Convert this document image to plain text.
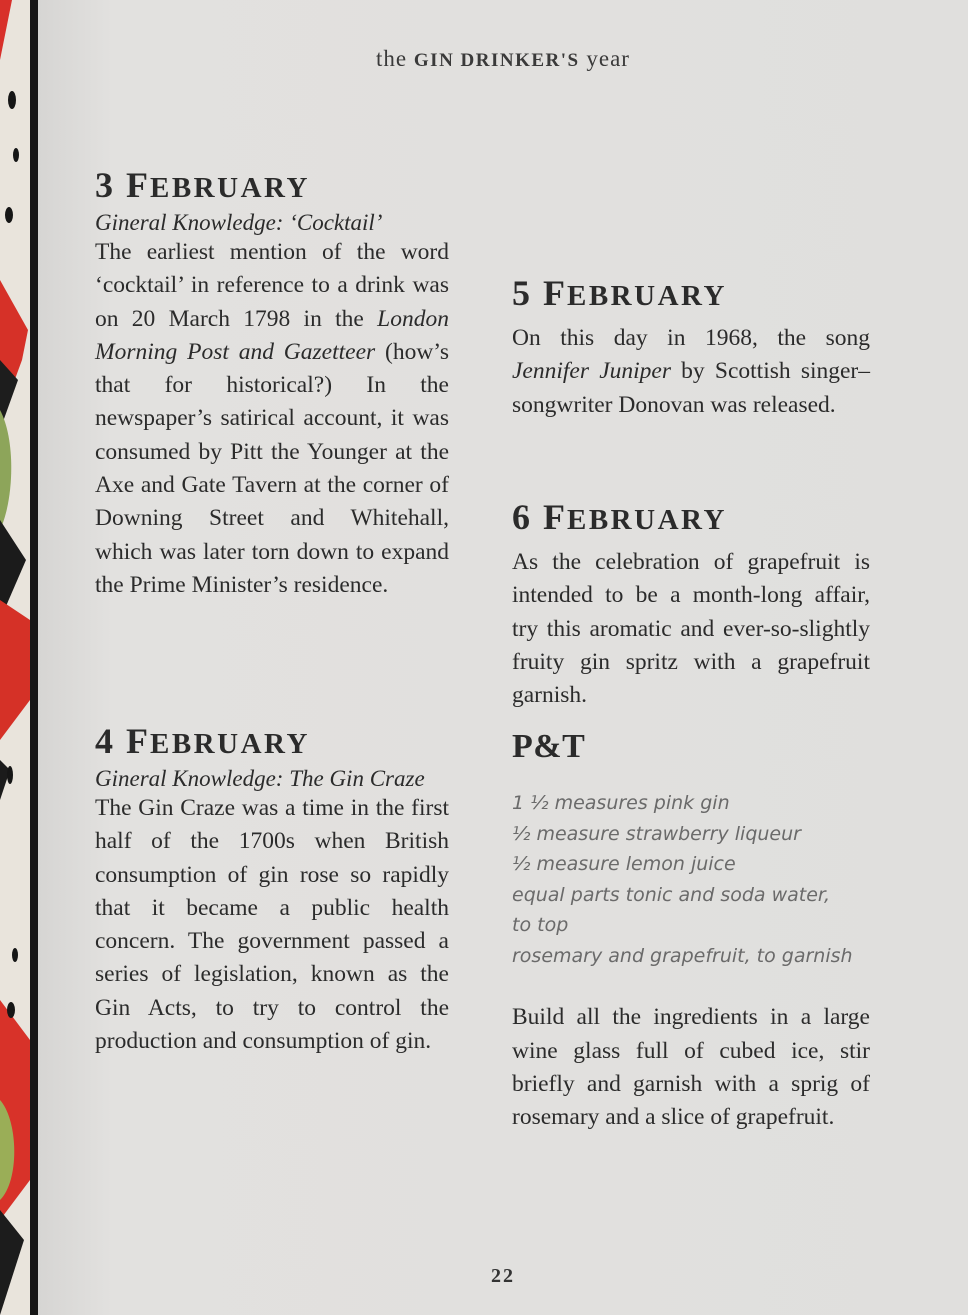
the GIN DRINKER'S year
3 FEBRUARY

Gineral Knowledge: ‘Cocktail’

The earliest mention of the word ‘cocktail’ in reference to a drink was on 20 March 1798 in the London Morning Post and Gazetteer (how’s that for historical?) In the newspaper’s satirical account, it was consumed by Pitt the Younger at the Axe and Gate Tavern at the corner of Downing Street and Whitehall, which was later torn down to expand the Prime Minister’s residence.

4 FEBRUARY

Gineral Knowledge: The Gin Craze

The Gin Craze was a time in the first half of the 1700s when British consumption of gin rose so rapidly that it became a public health concern. The government passed a series of legislation, known as the Gin Acts, to try to control the production and consumption of gin.

5 FEBRUARY

On this day in 1968, the song Jennifer Juniper by Scottish singer–songwriter Donovan was released.

6 FEBRUARY

As the celebration of grapefruit is intended to be a month-long affair, try this aromatic and ever-so-slightly fruity gin spritz with a grapefruit garnish.

P&T
1 ½ measures pink gin
½ measure strawberry liqueur
½ measure lemon juice
equal parts tonic and soda water,
to top
rosemary and grapefruit, to garnish

Build all the ingredients in a large wine glass full of cubed ice, stir briefly and garnish with a sprig of rosemary and a slice of grapefruit.

22
